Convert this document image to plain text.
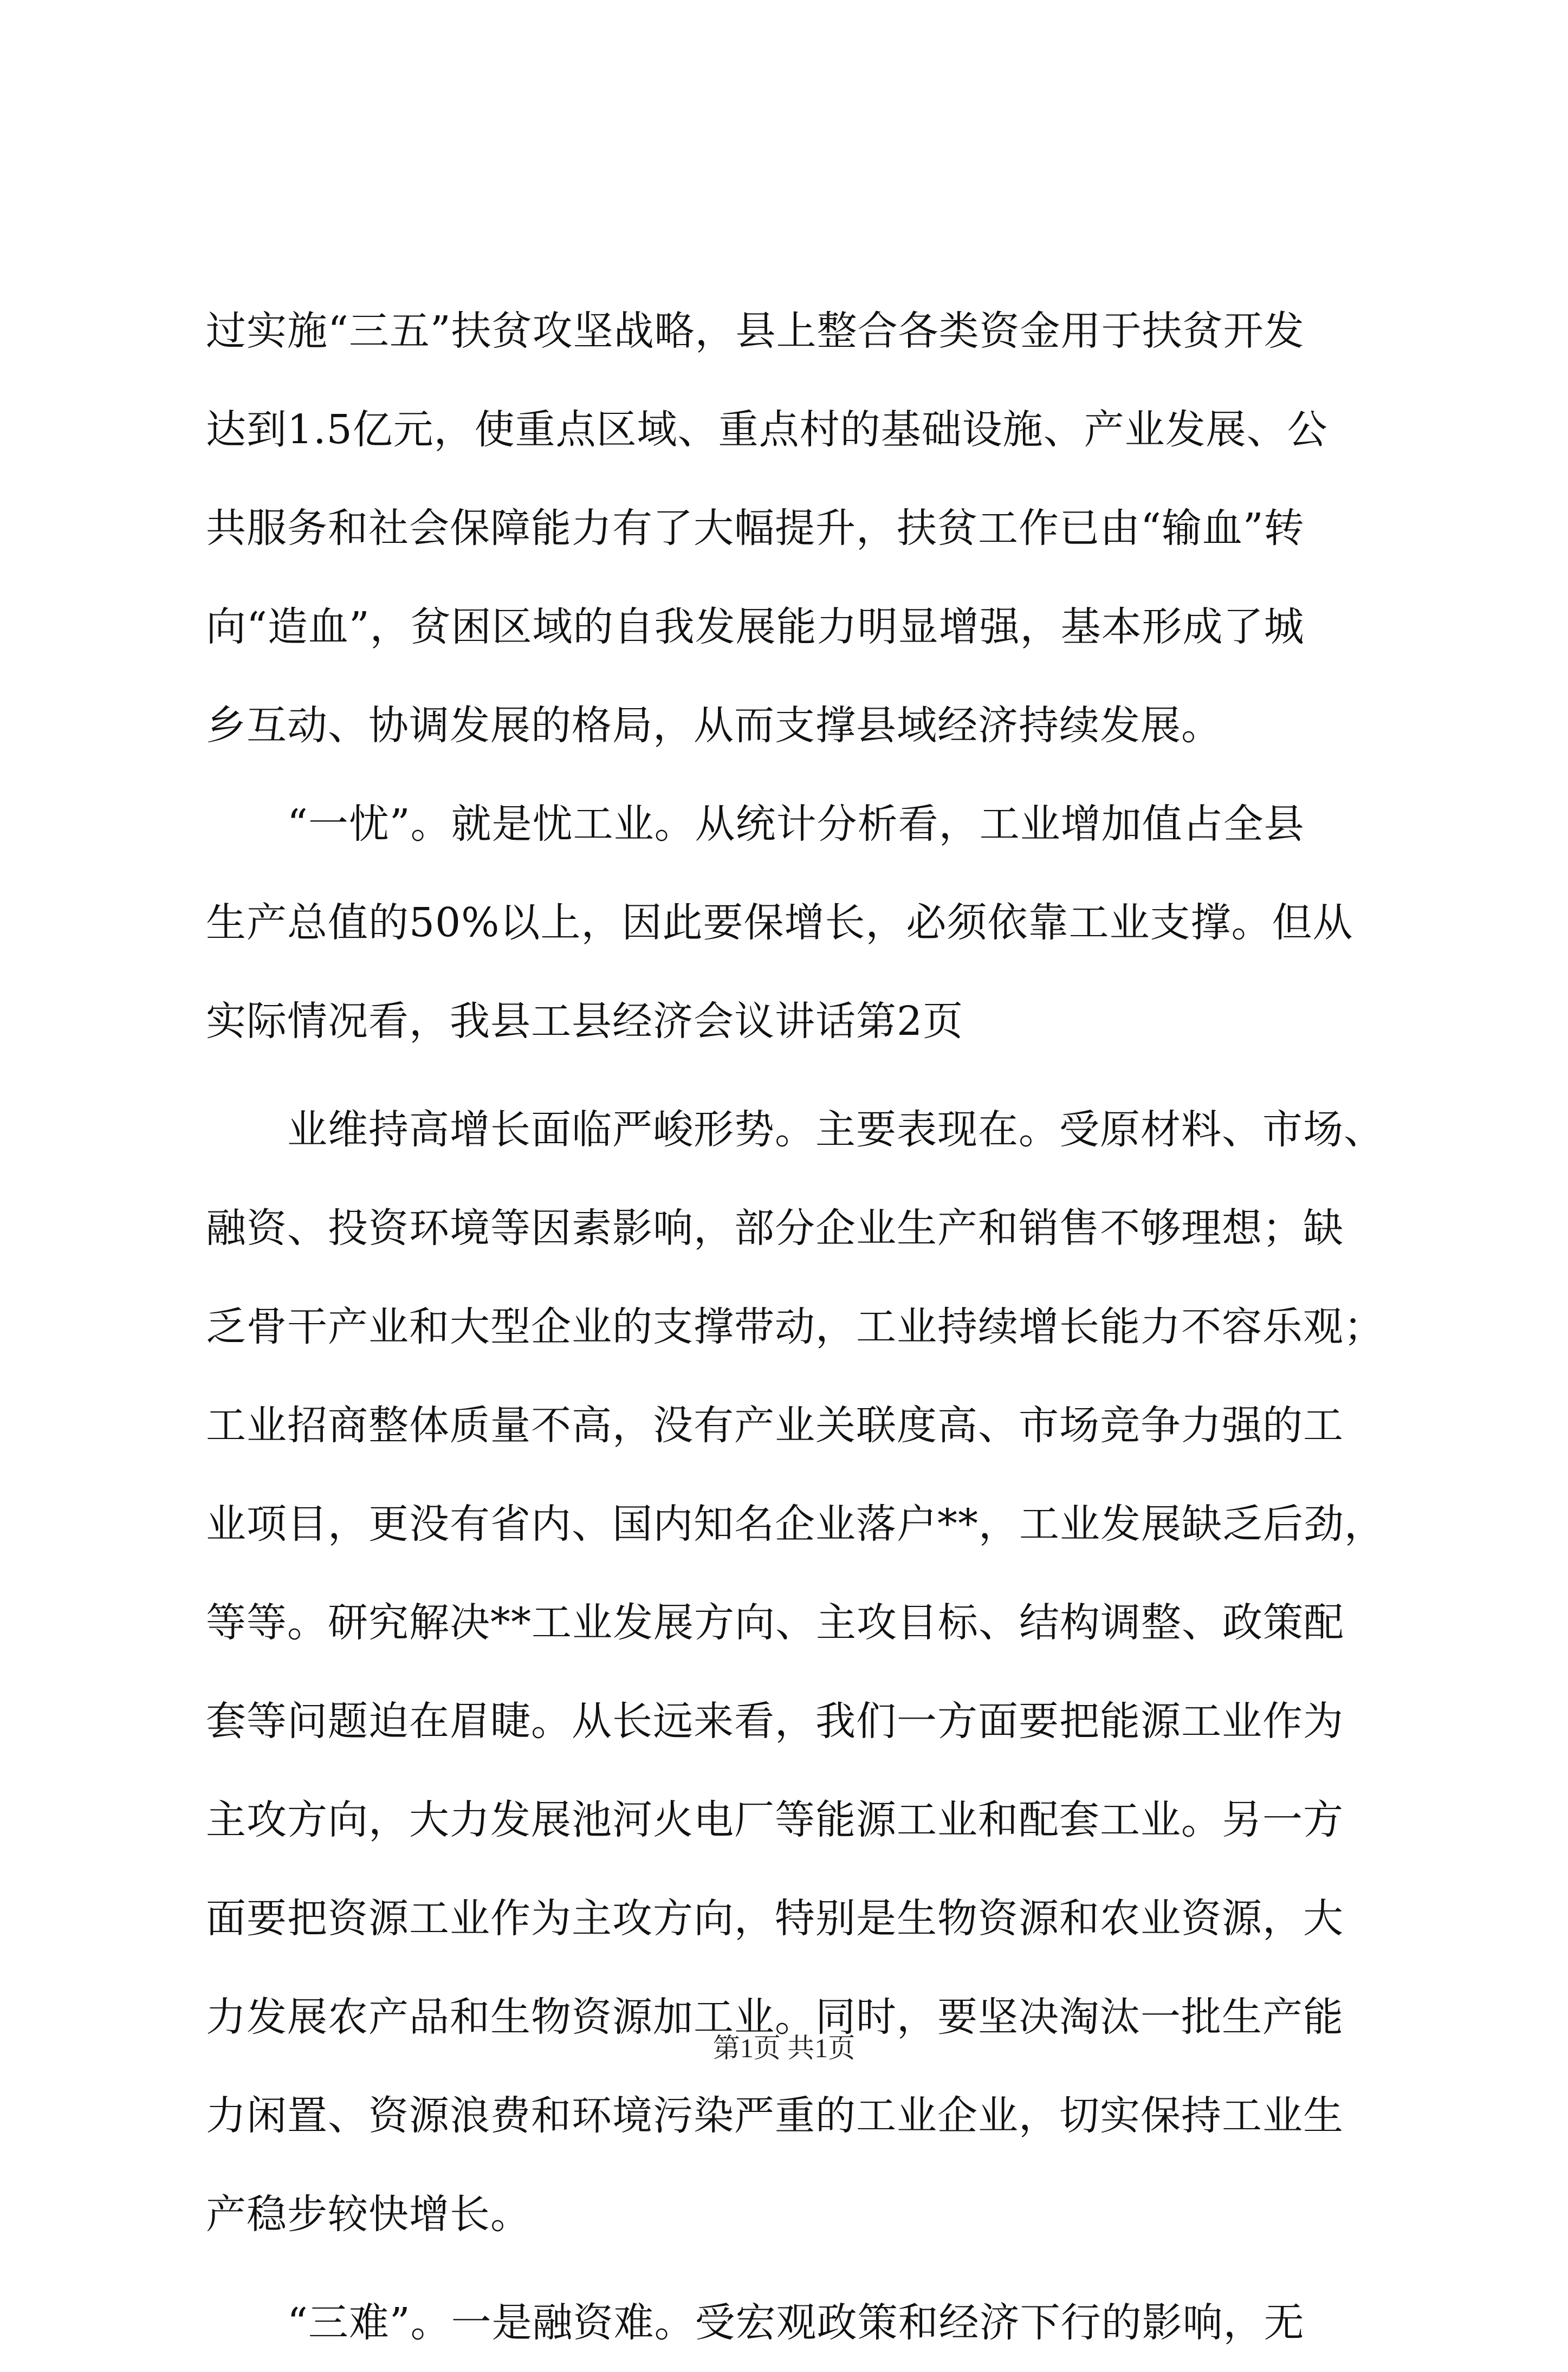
过实施“三五”扶贫攻坚战略，县上整合各类资金用于扶贫开发
达到1.5亿元，使重点区域、重点村的基础设施、产业发展、公
共服务和社会保障能力有了大幅提升，扶贫工作已由“输血”转
向“造血”，贫困区域的自我发展能力明显增强，基本形成了城
乡互动、协调发展的格局，从而支撑县域经济持续发展。

　　“一忧”。就是忧工业。从统计分析看，工业增加值占全县
生产总值的50%以上，因此要保增长，必须依靠工业支撑。但从
实际情况看，我县工县经济会议讲话第2页

　　业维持高增长面临严峻形势。主要表现在。受原材料、市场、
融资、投资环境等因素影响，部分企业生产和销售不够理想；缺
乏骨干产业和大型企业的支撑带动，工业持续增长能力不容乐观；
工业招商整体质量不高，没有产业关联度高、市场竞争力强的工
业项目，更没有省内、国内知名企业落户**，工业发展缺乏后劲，
等等。研究解决**工业发展方向、主攻目标、结构调整、政策配
套等问题迫在眉睫。从长远来看，我们一方面要把能源工业作为
主攻方向，大力发展池河火电厂等能源工业和配套工业。另一方
面要把资源工业作为主攻方向，特别是生物资源和农业资源，大
力发展农产品和生物资源加工业。同时，要坚决淘汰一批生产能
力闲置、资源浪费和环境污染严重的工业企业，切实保持工业生
产稳步较快增长。

　　“三难”。一是融资难。受宏观政策和经济下行的影响，无

第1页 共1页
